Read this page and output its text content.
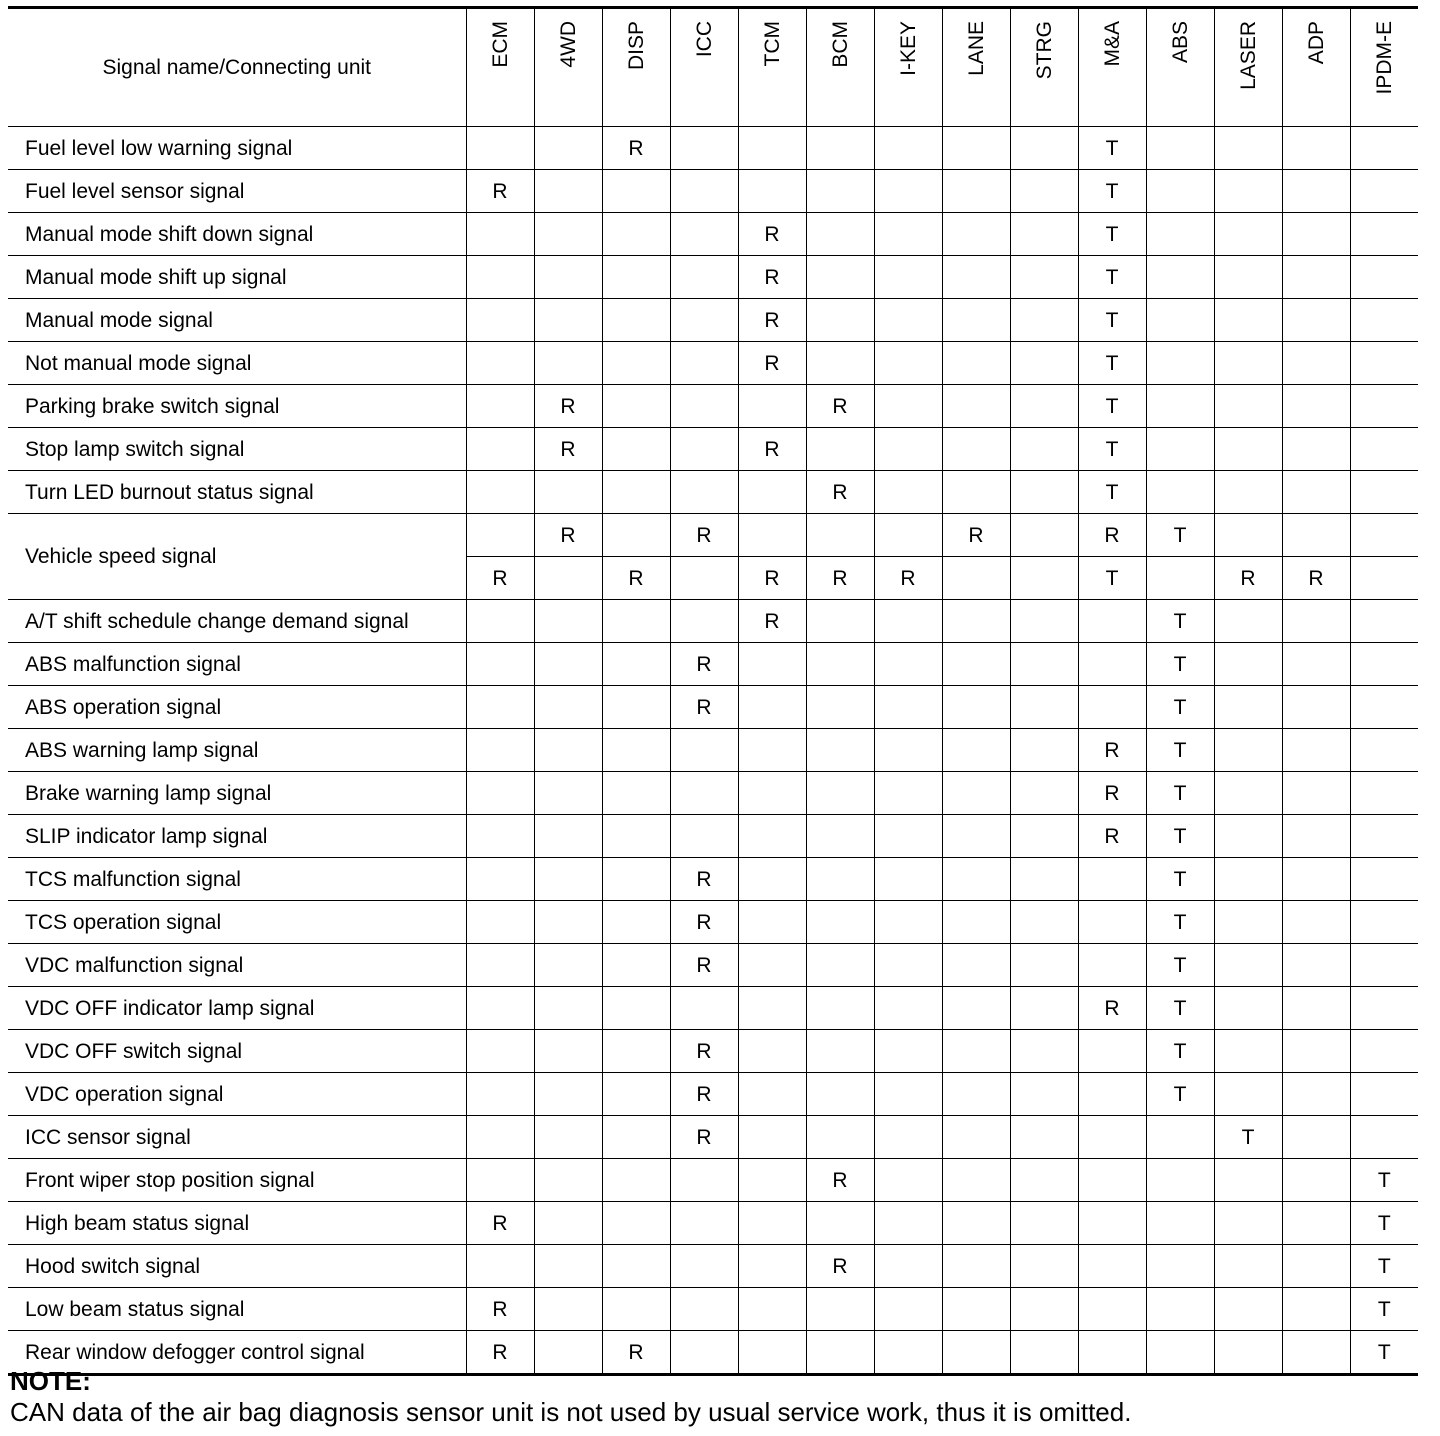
Signal name/Connecting unit	ECM	4WD	DISP	ICC	TCM	BCM	I-KEY	LANE	STRG	M&A	ABS	LASER	ADP	IPDM-E
Fuel level low warning signal			R							T				
Fuel level sensor signal	R									T				
Manual mode shift down signal					R					T				
Manual mode shift up signal					R					T				
Manual mode signal					R					T				
Not manual mode signal					R					T				
Parking brake switch signal		R				R				T				
Stop lamp switch signal		R			R					T				
Turn LED burnout status signal						R				T				
Vehicle speed signal		R		R				R		R	T			
	R		R		R	R	R			T		R	R	
A/T shift schedule change demand signal					R						T			
ABS malfunction signal				R							T			
ABS operation signal				R							T			
ABS warning lamp signal										R	T			
Brake warning lamp signal										R	T			
SLIP indicator lamp signal										R	T			
TCS malfunction signal				R							T			
TCS operation signal				R							T			
VDC malfunction signal				R							T			
VDC OFF indicator lamp signal										R	T			
VDC OFF switch signal				R							T			
VDC operation signal				R							T			
ICC sensor signal				R								T		
Front wiper stop position signal						R								T
High beam status signal	R													T
Hood switch signal						R								T
Low beam status signal	R													T
Rear window defogger control signal	R		R											T
NOTE:
CAN data of the air bag diagnosis sensor unit is not used by usual service work, thus it is omitted.
